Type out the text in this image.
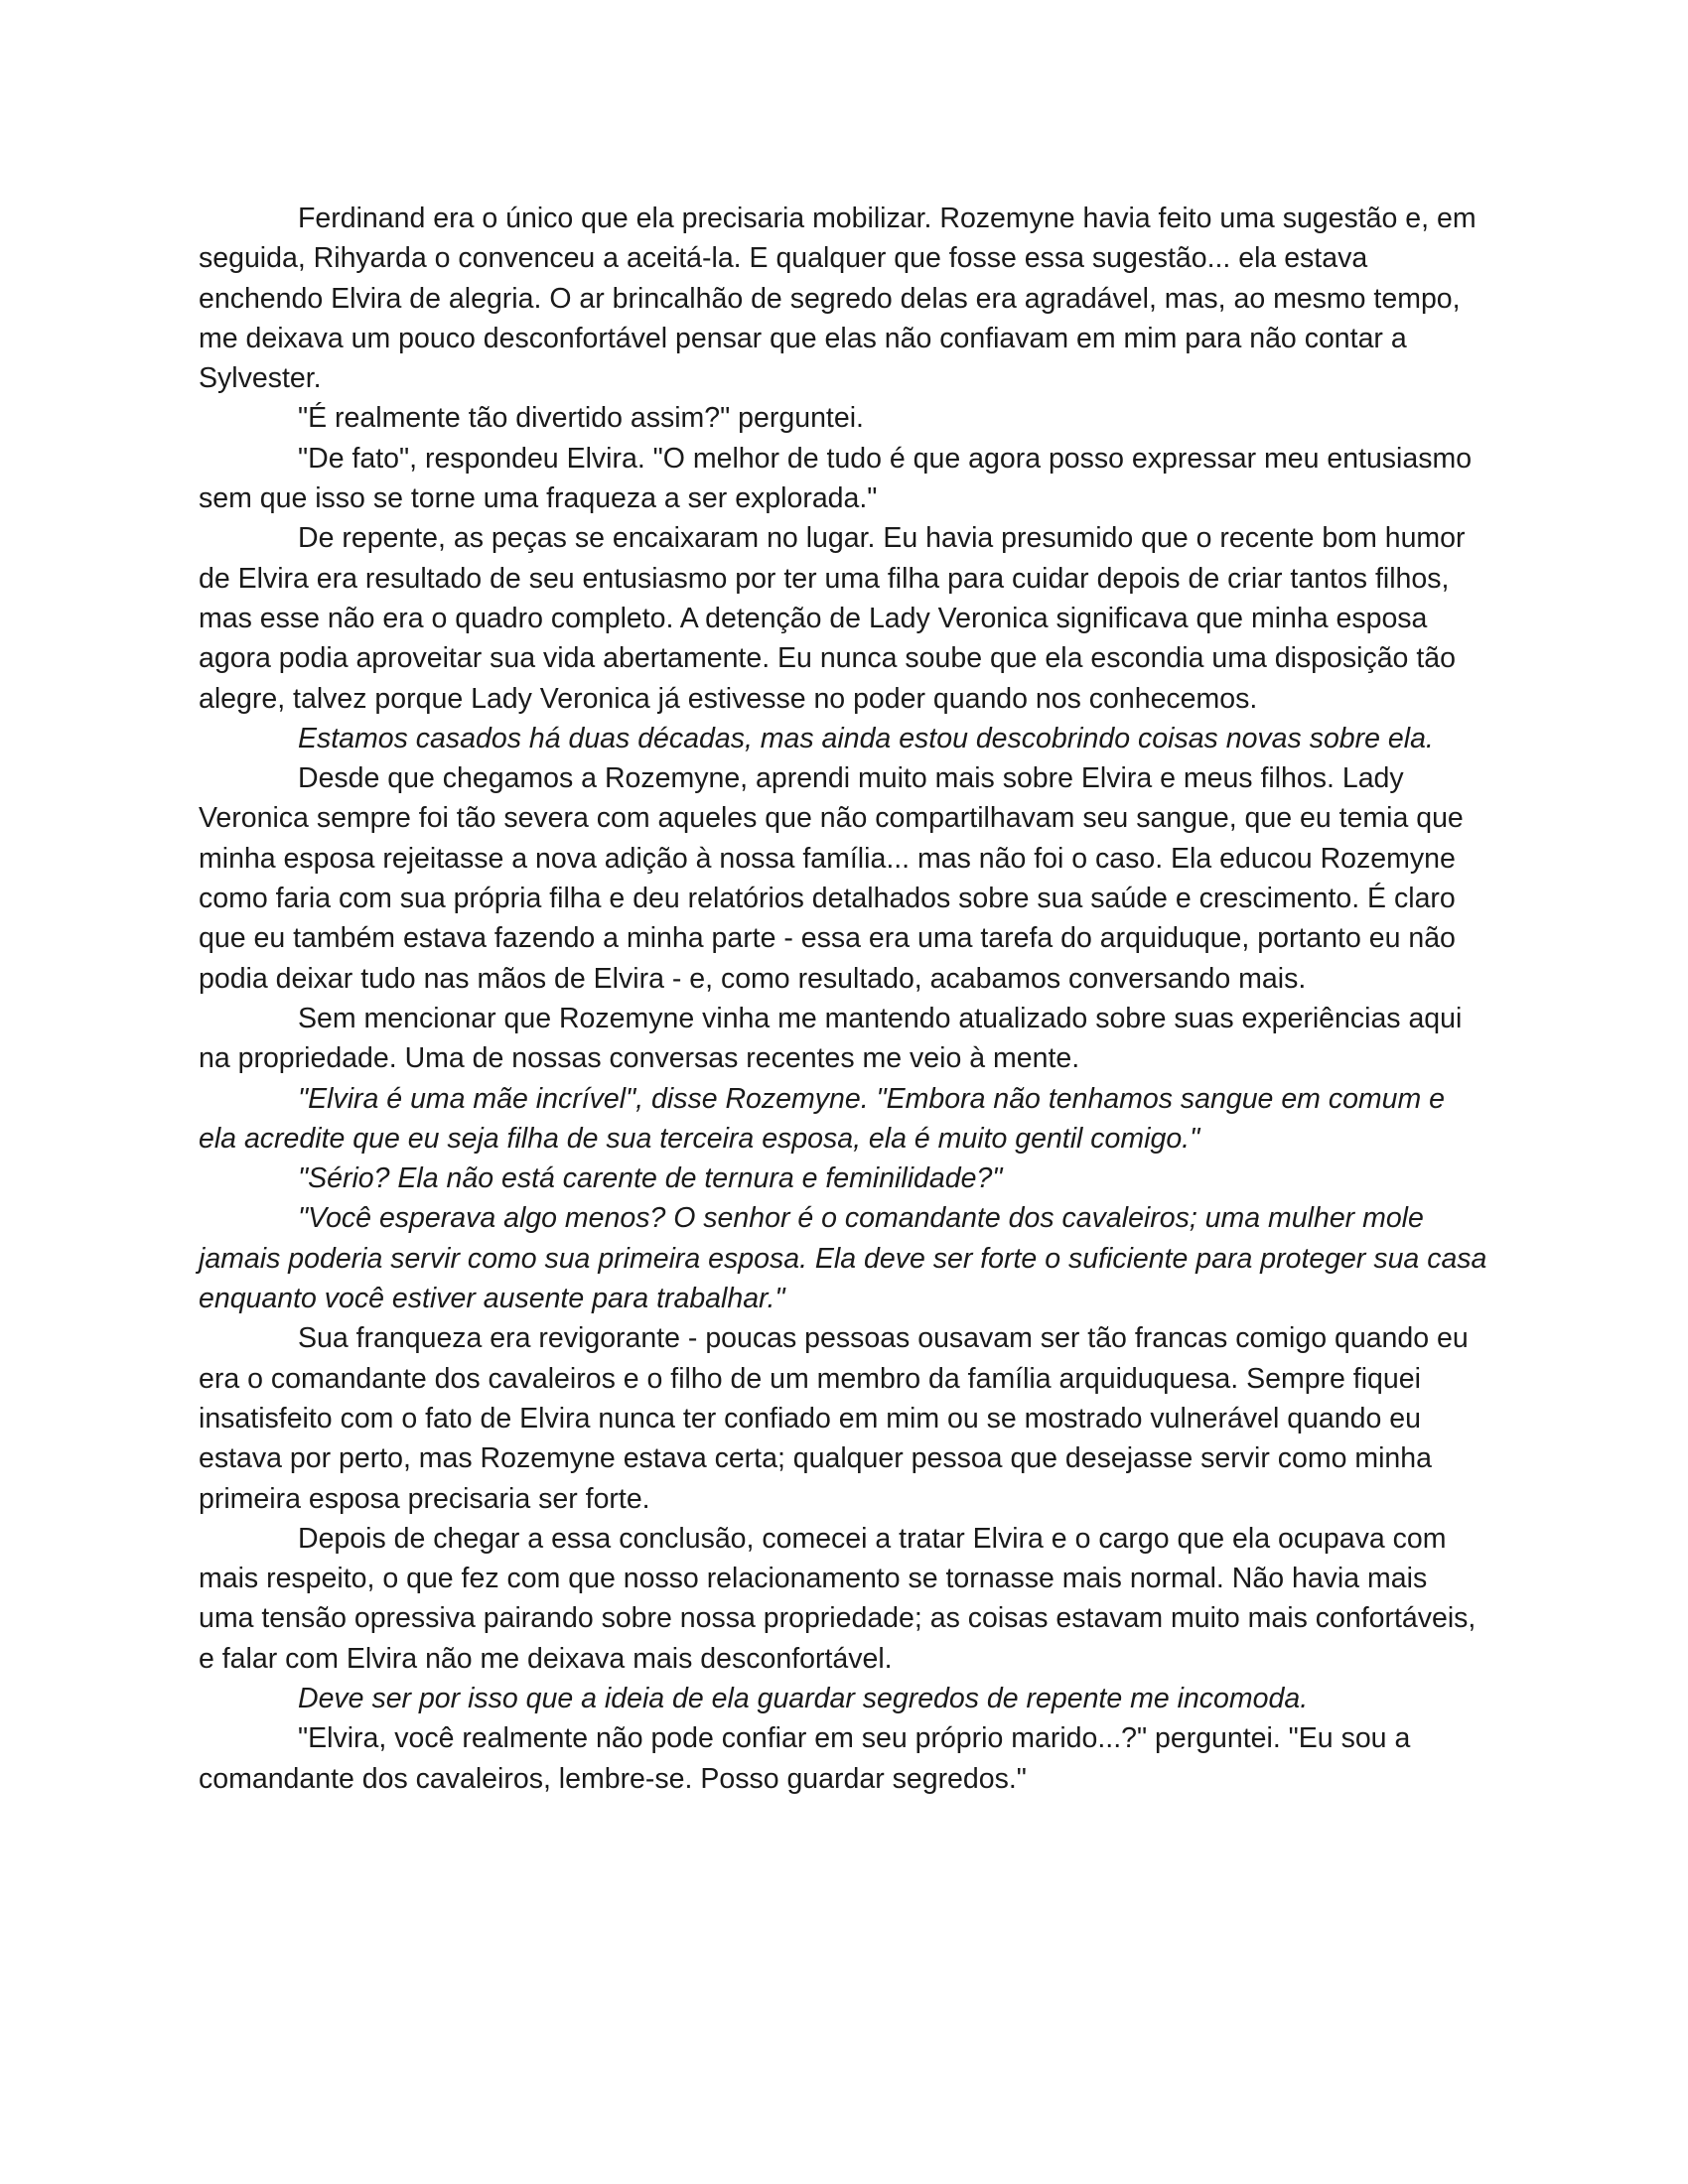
Ferdinand era o único que ela precisaria mobilizar. Rozemyne havia feito uma sugestão e, em seguida, Rihyarda o convenceu a aceitá-la. E qualquer que fosse essa sugestão... ela estava enchendo Elvira de alegria. O ar brincalhão de segredo delas era agradável, mas, ao mesmo tempo, me deixava um pouco desconfortável pensar que elas não confiavam em mim para não contar a Sylvester.

"É realmente tão divertido assim?" perguntei.

"De fato", respondeu Elvira. "O melhor de tudo é que agora posso expressar meu entusiasmo sem que isso se torne uma fraqueza a ser explorada."

De repente, as peças se encaixaram no lugar. Eu havia presumido que o recente bom humor de Elvira era resultado de seu entusiasmo por ter uma filha para cuidar depois de criar tantos filhos, mas esse não era o quadro completo. A detenção de Lady Veronica significava que minha esposa agora podia aproveitar sua vida abertamente. Eu nunca soube que ela escondia uma disposição tão alegre, talvez porque Lady Veronica já estivesse no poder quando nos conhecemos.

Estamos casados há duas décadas, mas ainda estou descobrindo coisas novas sobre ela.

Desde que chegamos a Rozemyne, aprendi muito mais sobre Elvira e meus filhos. Lady Veronica sempre foi tão severa com aqueles que não compartilhavam seu sangue, que eu temia que minha esposa rejeitasse a nova adição à nossa família... mas não foi o caso. Ela educou Rozemyne como faria com sua própria filha e deu relatórios detalhados sobre sua saúde e crescimento. É claro que eu também estava fazendo a minha parte - essa era uma tarefa do arquiduque, portanto eu não podia deixar tudo nas mãos de Elvira - e, como resultado, acabamos conversando mais.

Sem mencionar que Rozemyne vinha me mantendo atualizado sobre suas experiências aqui na propriedade. Uma de nossas conversas recentes me veio à mente.

"Elvira é uma mãe incrível", disse Rozemyne. "Embora não tenhamos sangue em comum e ela acredite que eu seja filha de sua terceira esposa, ela é muito gentil comigo."

"Sério? Ela não está carente de ternura e feminilidade?"

"Você esperava algo menos? O senhor é o comandante dos cavaleiros; uma mulher mole jamais poderia servir como sua primeira esposa. Ela deve ser forte o suficiente para proteger sua casa enquanto você estiver ausente para trabalhar."

Sua franqueza era revigorante - poucas pessoas ousavam ser tão francas comigo quando eu era o comandante dos cavaleiros e o filho de um membro da família arquiduquesa. Sempre fiquei insatisfeito com o fato de Elvira nunca ter confiado em mim ou se mostrado vulnerável quando eu estava por perto, mas Rozemyne estava certa; qualquer pessoa que desejasse servir como minha primeira esposa precisaria ser forte.

Depois de chegar a essa conclusão, comecei a tratar Elvira e o cargo que ela ocupava com mais respeito, o que fez com que nosso relacionamento se tornasse mais normal. Não havia mais uma tensão opressiva pairando sobre nossa propriedade; as coisas estavam muito mais confortáveis, e falar com Elvira não me deixava mais desconfortável.

Deve ser por isso que a ideia de ela guardar segredos de repente me incomoda.

"Elvira, você realmente não pode confiar em seu próprio marido...?" perguntei. "Eu sou a comandante dos cavaleiros, lembre-se. Posso guardar segredos."
